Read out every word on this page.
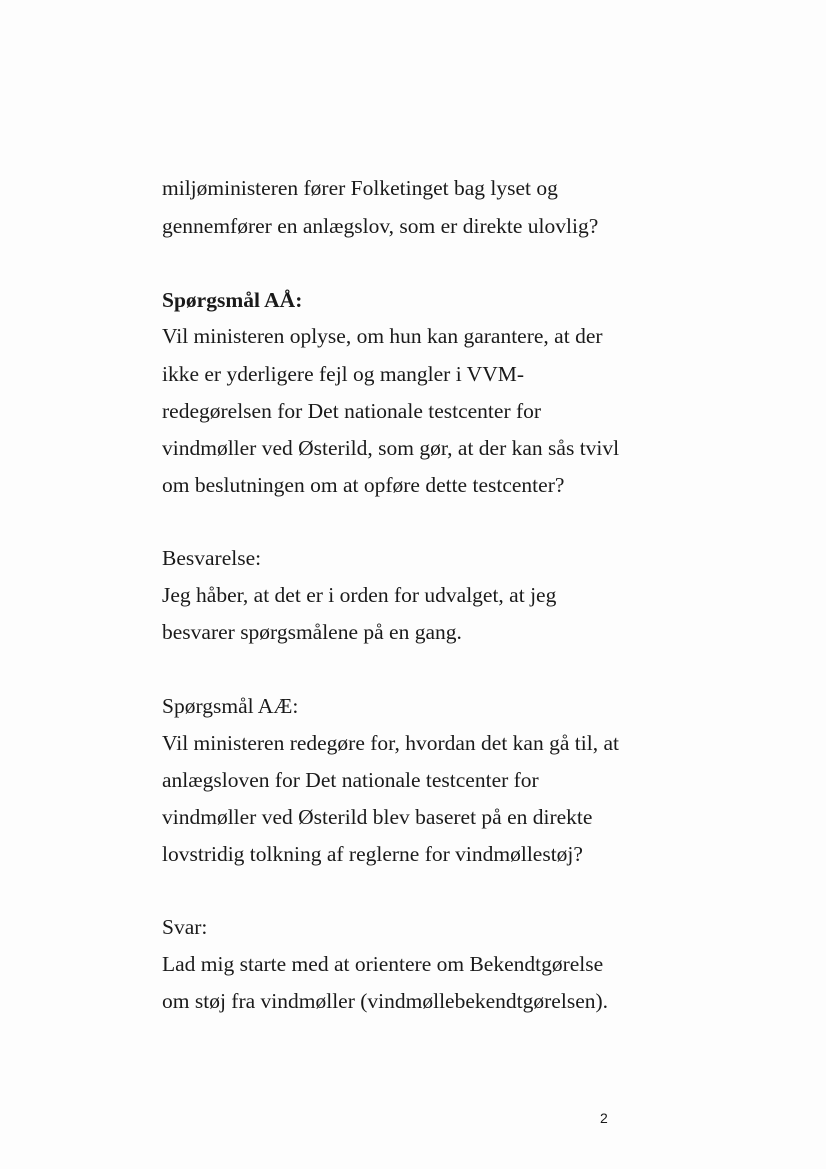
miljøministeren fører Folketinget bag lyset og
gennemfører en anlægslov, som er direkte ulovlig?
Spørgsmål AÅ:
Vil ministeren oplyse, om hun kan garantere, at der
ikke er yderligere fejl og mangler i VVM-
redegørelsen for Det nationale testcenter for
vindmøller ved Østerild, som gør, at der kan sås tvivl
om beslutningen om at opføre dette testcenter?
Besvarelse:
Jeg håber, at det er i orden for udvalget, at jeg
besvarer spørgsmålene på en gang.
Spørgsmål AÆ:
Vil ministeren redegøre for, hvordan det kan gå til, at
anlægsloven for Det nationale testcenter for
vindmøller ved Østerild blev baseret på en direkte
lovstridig tolkning af reglerne for vindmøllestøj?
Svar:
Lad mig starte med at orientere om Bekendtgørelse
om støj fra vindmøller (vindmøllebekendtgørelsen).
2
